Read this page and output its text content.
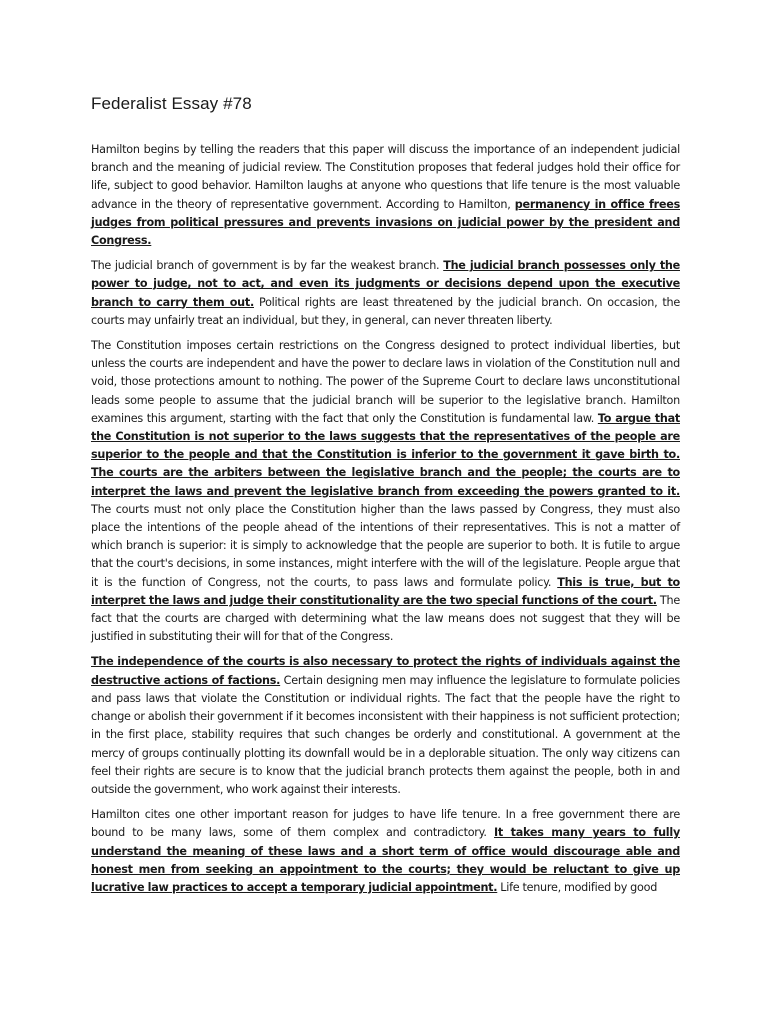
Federalist Essay #78

Hamilton begins by telling the readers that this paper will discuss the importance of an independent judicial branch and the meaning of judicial review. The Constitution proposes that federal judges hold their office for life, subject to good behavior. Hamilton laughs at anyone who questions that life tenure is the most valuable advance in the theory of representative government. According to Hamilton, permanency in office frees judges from political pressures and prevents invasions on judicial power by the president and Congress.

The judicial branch of government is by far the weakest branch. The judicial branch possesses only the power to judge, not to act, and even its judgments or decisions depend upon the executive branch to carry them out. Political rights are least threatened by the judicial branch. On occasion, the courts may unfairly treat an individual, but they, in general, can never threaten liberty.

The Constitution imposes certain restrictions on the Congress designed to protect individual liberties, but unless the courts are independent and have the power to declare laws in violation of the Constitution null and void, those protections amount to nothing. The power of the Supreme Court to declare laws unconstitutional leads some people to assume that the judicial branch will be superior to the legislative branch. Hamilton examines this argument, starting with the fact that only the Constitution is fundamental law. To argue that the Constitution is not superior to the laws suggests that the representatives of the people are superior to the people and that the Constitution is inferior to the government it gave birth to. The courts are the arbiters between the legislative branch and the people; the courts are to interpret the laws and prevent the legislative branch from exceeding the powers granted to it. The courts must not only place the Constitution higher than the laws passed by Congress, they must also place the intentions of the people ahead of the intentions of their representatives. This is not a matter of which branch is superior: it is simply to acknowledge that the people are superior to both. It is futile to argue that the court's decisions, in some instances, might interfere with the will of the legislature. People argue that it is the function of Congress, not the courts, to pass laws and formulate policy. This is true, but to interpret the laws and judge their constitutionality are the two special functions of the court. The fact that the courts are charged with determining what the law means does not suggest that they will be justified in substituting their will for that of the Congress.

The independence of the courts is also necessary to protect the rights of individuals against the destructive actions of factions. Certain designing men may influence the legislature to formulate policies and pass laws that violate the Constitution or individual rights. The fact that the people have the right to change or abolish their government if it becomes inconsistent with their happiness is not sufficient protection; in the first place, stability requires that such changes be orderly and constitutional. A government at the mercy of groups continually plotting its downfall would be in a deplorable situation. The only way citizens can feel their rights are secure is to know that the judicial branch protects them against the people, both in and outside the government, who work against their interests.

Hamilton cites one other important reason for judges to have life tenure. In a free government there are bound to be many laws, some of them complex and contradictory. It takes many years to fully understand the meaning of these laws and a short term of office would discourage able and honest men from seeking an appointment to the courts; they would be reluctant to give up lucrative law practices to accept a temporary judicial appointment. Life tenure, modified by good
